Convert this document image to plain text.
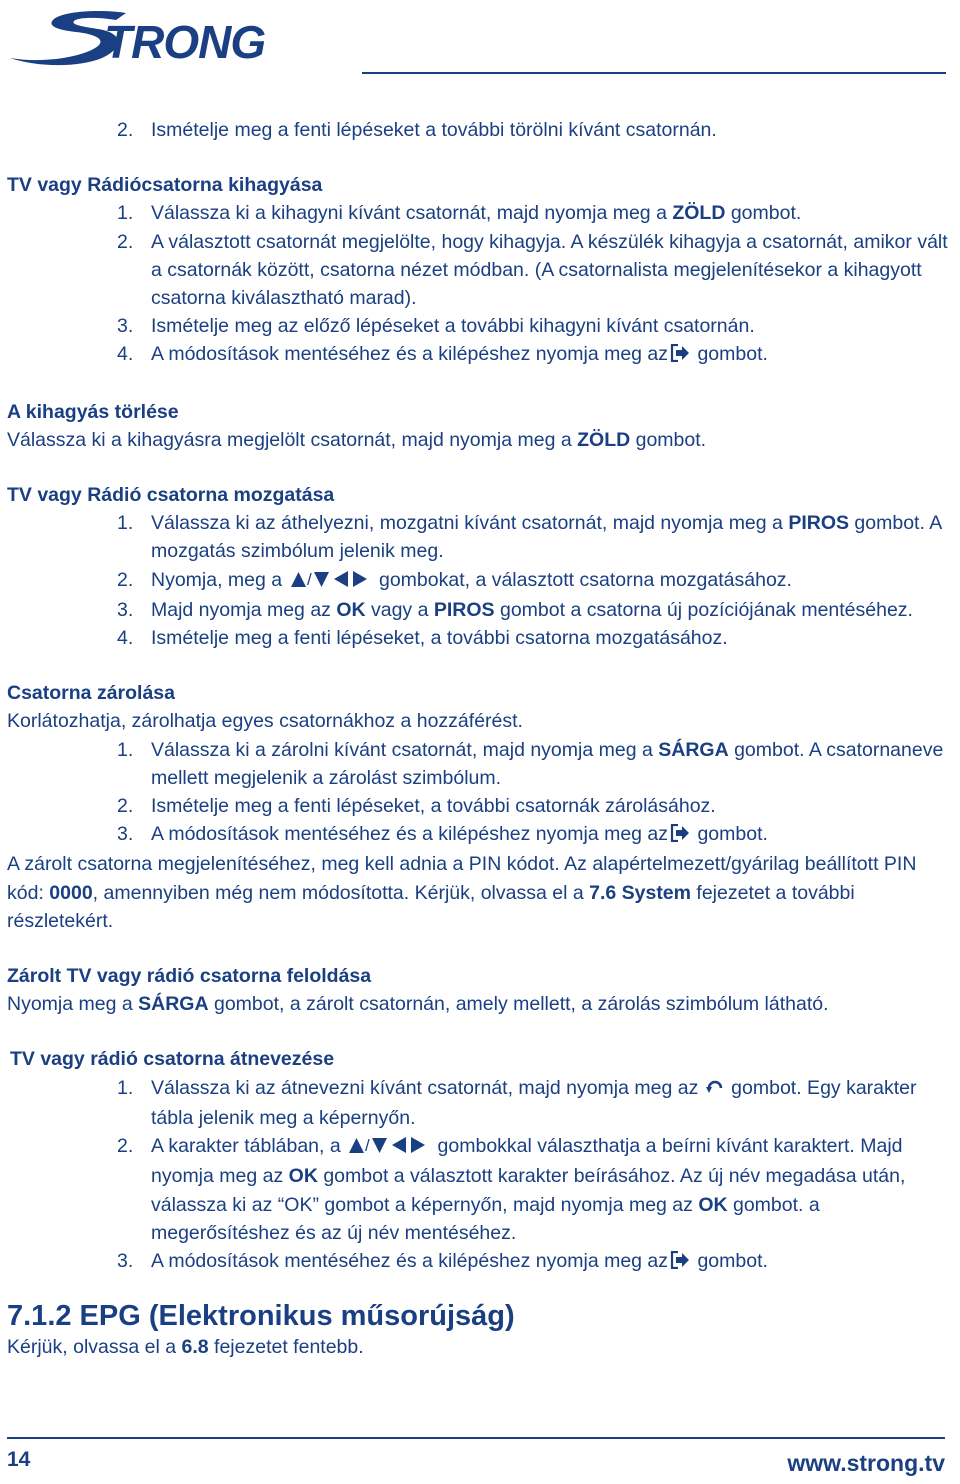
TRONG
2. Ismételje meg a fenti lépéseket a további törölni kívánt csatornán.
TV vagy Rádiócsatorna kihagyása
1. Válassza ki a kihagyni kívánt csatornát, majd nyomja meg a ZÖLD gombot.
2. A választott csatornát megjelölte, hogy kihagyja. A készülék kihagyja a csatornát, amikor vált a csatornák között, csatorna nézet módban. (A csatornalista megjelenítésekor a kihagyott csatorna kiválasztható marad).
3. Ismételje meg az előző lépéseket a további kihagyni kívánt csatornán.
4. A módosítások mentéséhez és a kilépéshez nyomja meg az gombot.
A kihagyás törlése
Válassza ki a kihagyásra megjelölt csatornát, majd nyomja meg a ZÖLD gombot.
TV vagy Rádió csatorna mozgatása
1. Válassza ki az áthelyezni, mozgatni kívánt csatornát, majd nyomja meg a PIROS gombot. A mozgatás szimbólum jelenik meg.
2. Nyomja, meg a /	gombokat, a választott csatorna mozgatásához.
3. Majd nyomja meg az OK vagy a PIROS gombot a csatorna új pozíciójának mentéséhez.
4. Ismételje meg a fenti lépéseket, a további csatorna mozgatásához.
Csatorna zárolása
Korlátozhatja, zárolhatja egyes csatornákhoz a hozzáférést.
1. Válassza ki a zárolni kívánt csatornát, majd nyomja meg a SÁRGA gombot. A csatornaneve mellett megjelenik a zárolást szimbólum.
2. Ismételje meg a fenti lépéseket, a további csatornák zárolásához.
3. A módosítások mentéséhez és a kilépéshez nyomja meg az gombot.
A zárolt csatorna megjelenítéséhez, meg kell adnia a PIN kódot. Az alapértelmezett/gyárilag beállított PIN kód: 0000, amennyiben még nem módosította. Kérjük, olvassa el a 7.6 System fejezetet a további részletekért.
Zárolt TV vagy rádió csatorna feloldása
Nyomja meg a SÁRGA gombot, a zárolt csatornán, amely mellett, a zárolás szimbólum látható.
TV vagy rádió csatorna átnevezése
1. Válassza ki az átnevezni kívánt csatornát, majd nyomja meg az  gombot. Egy karakter tábla jelenik meg a képernyőn.
2. A karakter táblában, a /	gombokkal választhatja a beírni kívánt karaktert. Majd nyomja meg az OK gombot a választott karakter beírásához. Az új név megadása után, válassza ki az “OK” gombot a képernyőn, majd nyomja meg az OK gombot. a megerősítéshez és az új név mentéséhez.
3. A módosítások mentéséhez és a kilépéshez nyomja meg az gombot.
7.1.2 EPG (Elektronikus műsorújság)
Kérjük, olvassa el a 6.8 fejezetet fentebb.
14	www.strong.tv
